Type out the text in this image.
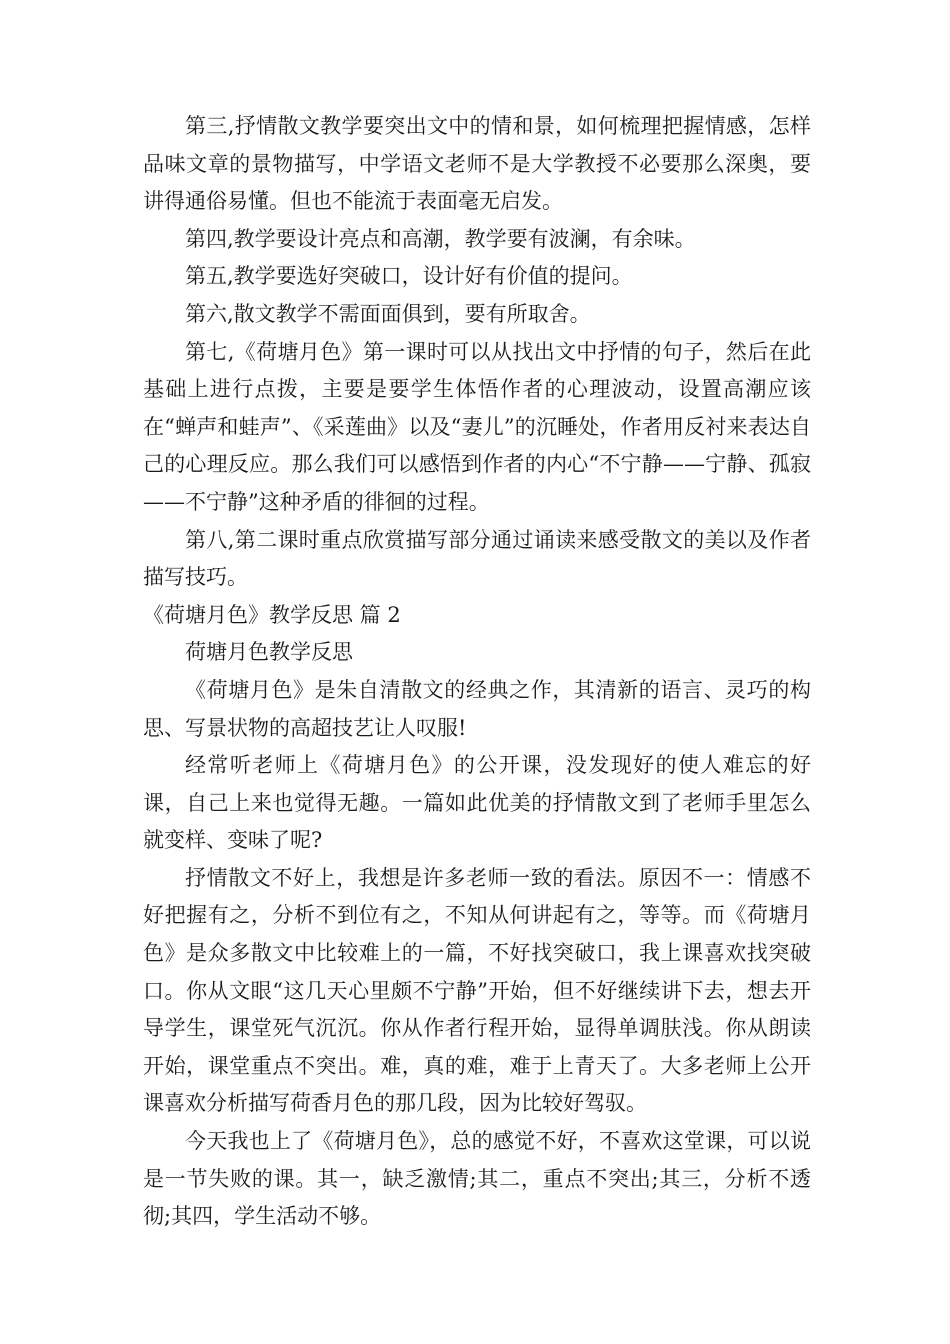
第三,抒情散文教学要突出文中的情和景，如何梳理把握情感，怎样品味文章的景物描写，中学语文老师不是大学教授不必要那么深奥，要讲得通俗易懂。但也不能流于表面毫无启发。

第四,教学要设计亮点和高潮，教学要有波澜，有余味。

第五,教学要选好突破口，设计好有价值的提问。

第六,散文教学不需面面俱到，要有所取舍。

第七,《荷塘月色》第一课时可以从找出文中抒情的句子，然后在此基础上进行点拨，主要是要学生体悟作者的心理波动，设置高潮应该在“蝉声和蛙声”、《采莲曲》以及“妻儿”的沉睡处，作者用反衬来表达自己的心理反应。那么我们可以感悟到作者的内心“不宁静——宁静、孤寂——不宁静”这种矛盾的徘徊的过程。

第八,第二课时重点欣赏描写部分通过诵读来感受散文的美以及作者描写技巧。

《荷塘月色》教学反思 篇 2

荷塘月色教学反思

《荷塘月色》是朱自清散文的经典之作，其清新的语言、灵巧的构思、写景状物的高超技艺让人叹服!

经常听老师上《荷塘月色》的公开课，没发现好的使人难忘的好课，自己上来也觉得无趣。一篇如此优美的抒情散文到了老师手里怎么就变样、变味了呢?

抒情散文不好上，我想是许多老师一致的看法。原因不一：情感不好把握有之，分析不到位有之，不知从何讲起有之，等等。而《荷塘月色》是众多散文中比较难上的一篇，不好找突破口，我上课喜欢找突破口。你从文眼“这几天心里颇不宁静”开始，但不好继续讲下去，想去开导学生，课堂死气沉沉。你从作者行程开始，显得单调肤浅。你从朗读开始，课堂重点不突出。难，真的难，难于上青天了。大多老师上公开课喜欢分析描写荷香月色的那几段，因为比较好驾驭。

今天我也上了《荷塘月色》，总的感觉不好，不喜欢这堂课，可以说是一节失败的课。其一，缺乏激情;其二，重点不突出;其三，分析不透彻;其四，学生活动不够。
